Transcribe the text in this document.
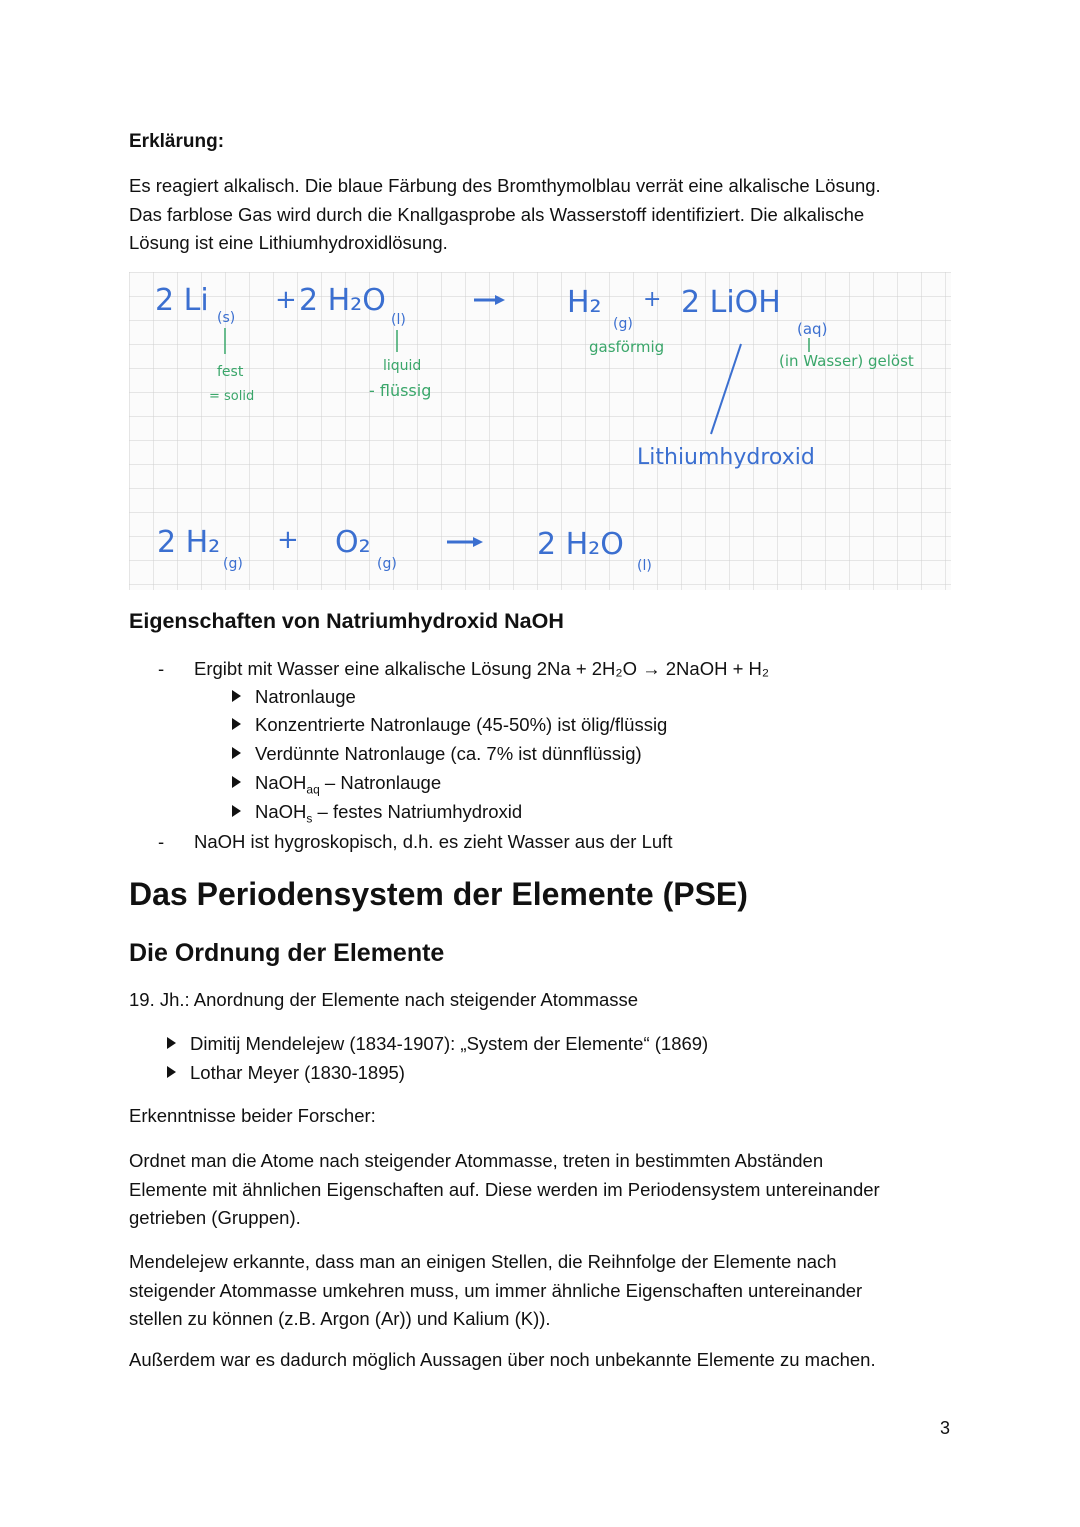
Erklärung:
Es reagiert alkalisch. Die blaue Färbung des Bromthymolblau verrät eine alkalische Lösung.
Das farblose Gas wird durch die Knallgasprobe als Wasserstoff identifiziert. Die alkalische
Lösung ist eine Lithiumhydroxidlösung.
2 Li (s)
fest
= solid
+ 2 H₂O
(l)
liquid
- flüssig
H₂
(g)
gasförmig
+ 2 LiOH
(aq)
(in Wasser) gelöst
Lithiumhydroxid
2 H₂
(g)
+ O₂
(g)
2 H₂O
(l)
Eigenschaften von Natriumhydroxid NaOH
- Ergibt mit Wasser eine alkalische Lösung 2Na + 2H₂O → 2NaOH + H₂
Natronlauge
Konzentrierte Natronlauge (45-50%) ist ölig/flüssig
Verdünnte Natronlauge (ca. 7% ist dünnflüssig)
NaOH$_{aq}$ – Natronlauge
NaOH$_s$ – festes Natriumhydroxid
- NaOH ist hygroskopisch, d.h. es zieht Wasser aus der Luft
Das Periodensystem der Elemente (PSE)
Die Ordnung der Elemente
19. Jh.: Anordnung der Elemente nach steigender Atommasse
Dimitij Mendelejew (1834-1907): „System der Elemente“ (1869)
Lothar Meyer (1830-1895)
Erkenntnisse beider Forscher:
Ordnet man die Atome nach steigender Atommasse, treten in bestimmten Abständen
Elemente mit ähnlichen Eigenschaften auf. Diese werden im Periodensystem untereinander
getrieben (Gruppen).
Mendelejew erkannte, dass man an einigen Stellen, die Reihnfolge der Elemente nach
steigender Atommasse umkehren muss, um immer ähnliche Eigenschaften untereinander
stellen zu können (z.B. Argon (Ar)) und Kalium (K)).
Außerdem war es dadurch möglich Aussagen über noch unbekannte Elemente zu machen.
3
